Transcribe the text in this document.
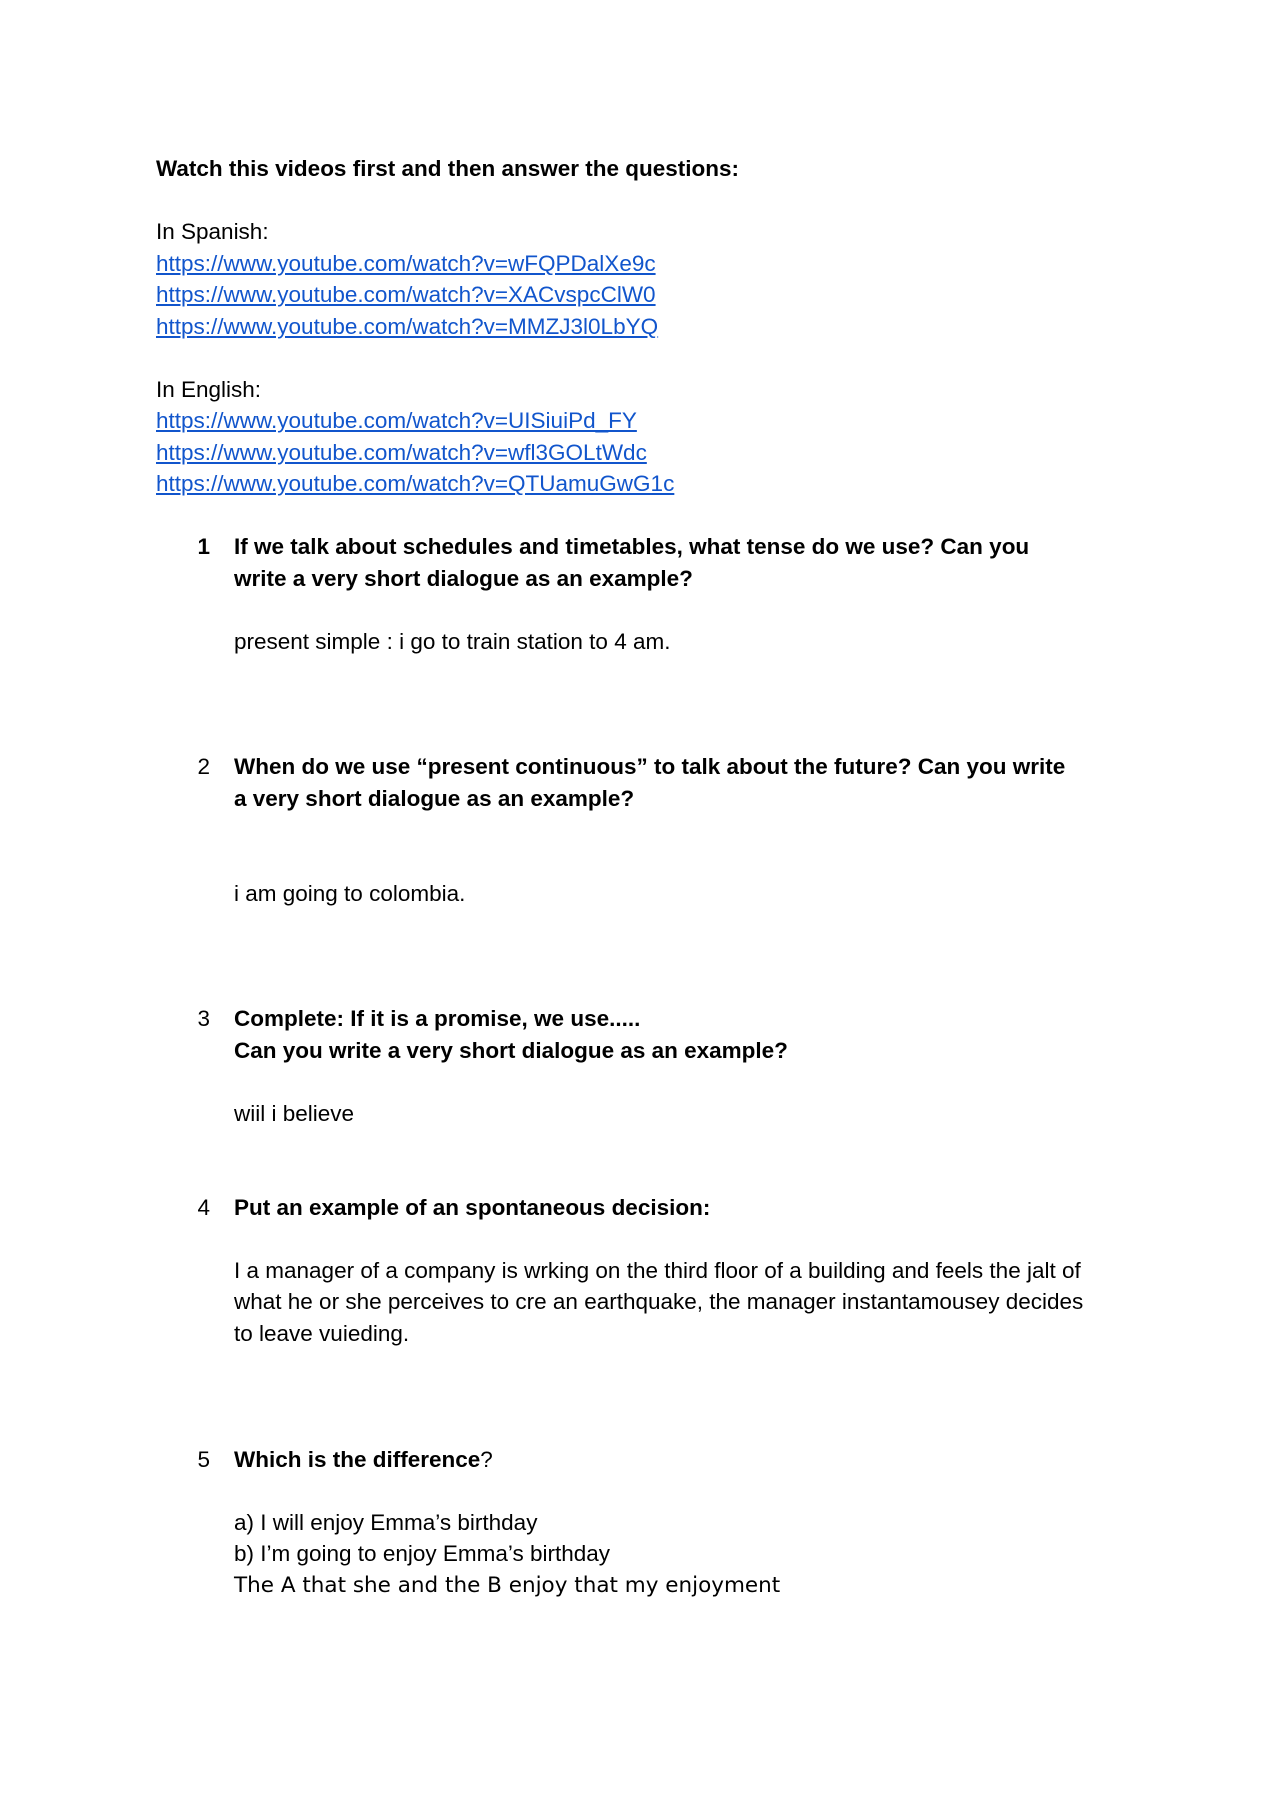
Watch this videos first and then answer the questions:
In Spanish:
https://www.youtube.com/watch?v=wFQPDalXe9c
https://www.youtube.com/watch?v=XACvspcClW0
https://www.youtube.com/watch?v=MMZJ3l0LbYQ
In English:
https://www.youtube.com/watch?v=UISiuiPd_FY
https://www.youtube.com/watch?v=wfl3GOLtWdc
https://www.youtube.com/watch?v=QTUamuGwG1c
1 If we talk about schedules and timetables, what tense do we use? Can you
write a very short dialogue as an example?
present simple : i go to train station to 4 am.
2 When do we use “present continuous” to talk about the future? Can you write
a very short dialogue as an example?
i am going to colombia.
3 Complete: If it is a promise, we use.....
Can you write a very short dialogue as an example?
wiil i believe
4 Put an example of an spontaneous decision:
I a manager of a company is wrking on the third floor of a building and feels the jalt of
what he or she perceives to cre an earthquake, the manager instantamousey decides
to leave vuieding.
5 Which is the difference?
a) I will enjoy Emma’s birthday
b) I’m going to enjoy Emma’s birthday
The A that she and the B enjoy that my enjoyment
